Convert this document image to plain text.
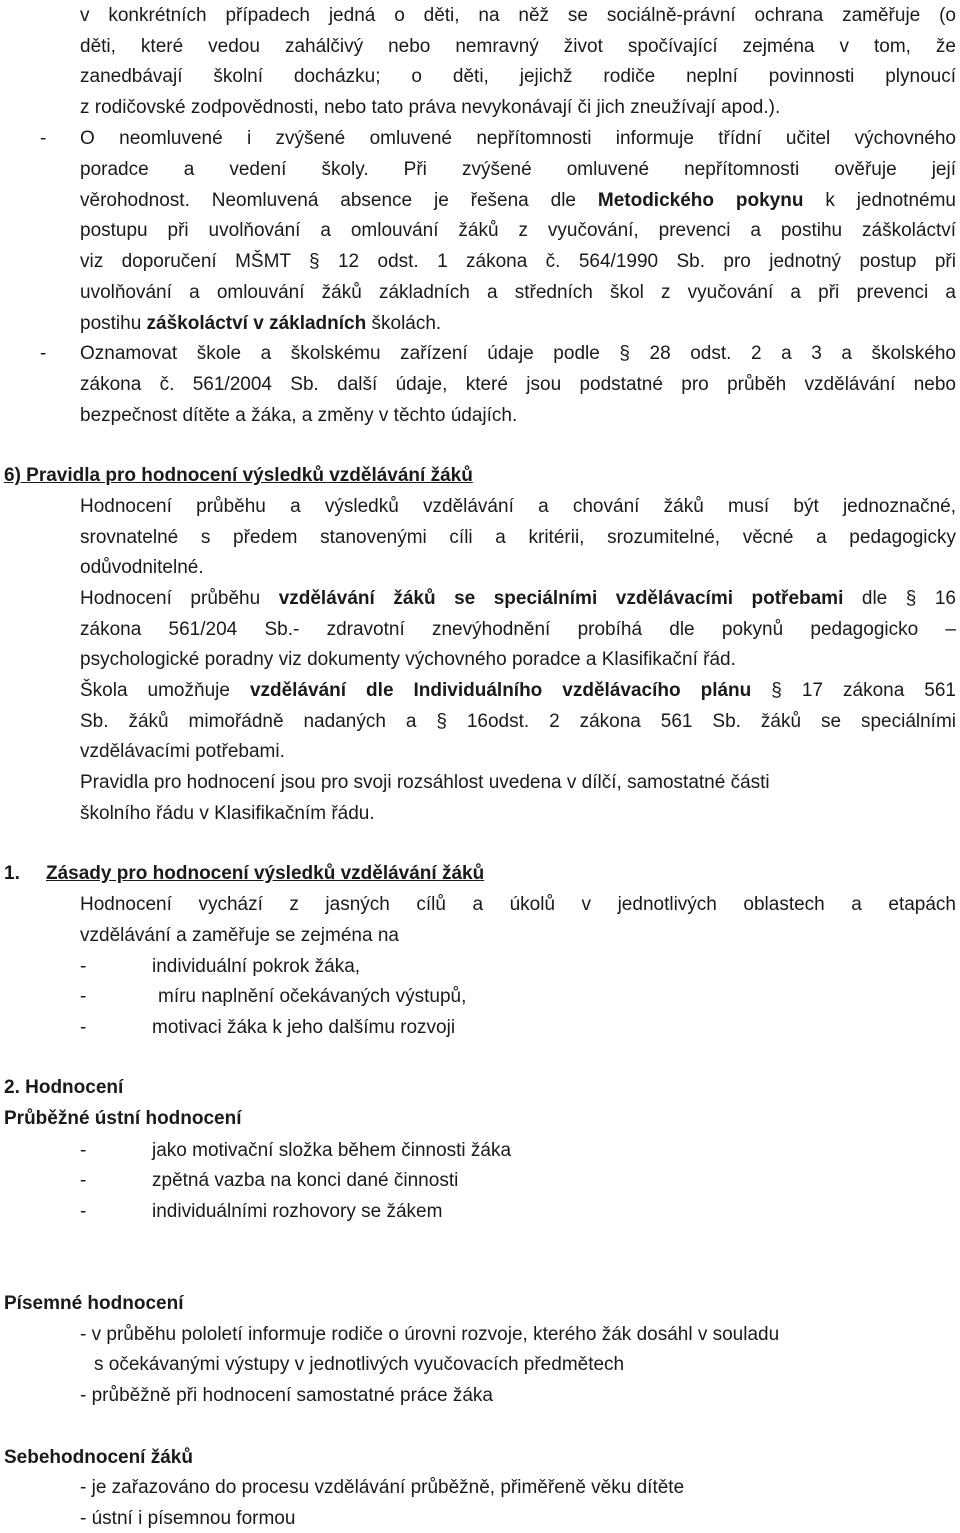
v konkrétních případech jedná o děti, na něž se sociálně-právní ochrana zaměřuje (o
děti, které vedou zahálčivý nebo nemravný život spočívající zejména v tom, že
zanedbávají školní docházku; o děti, jejichž rodiče neplní povinnosti plynoucí
z rodičovské zodpovědnosti, nebo tato práva nevykonávají či jich zneužívají apod.).
- O neomluvené i zvýšené omluvené nepřítomnosti informuje třídní učitel výchovného
poradce a vedení školy. Při zvýšené omluvené nepřítomnosti ověřuje její
věrohodnost. Neomluvená absence je řešena dle Metodického pokynu k jednotnému
postupu při uvolňování a omlouvání žáků z vyučování, prevenci a postihu záškoláctví
viz doporučení MŠMT § 12 odst. 1 zákona č. 564/1990 Sb. pro jednotný postup při
uvolňování a omlouvání žáků základních a středních škol z vyučování a při prevenci a
postihu záškoláctví v základních školách.
- Oznamovat škole a školskému zařízení údaje podle § 28 odst. 2 a 3 a školského
zákona č. 561/2004 Sb. další údaje, které jsou podstatné pro průběh vzdělávání nebo
bezpečnost dítěte a žáka, a změny v těchto údajích.
6) Pravidla pro hodnocení výsledků vzdělávání žáků
Hodnocení průběhu a výsledků vzdělávání a chování žáků musí být jednoznačné,
srovnatelné s předem stanovenými cíli a kritérii, srozumitelné, věcné a pedagogicky
odůvodnitelné.
Hodnocení průběhu vzdělávání žáků se speciálními vzdělávacími potřebami dle § 16
zákona 561/204 Sb.- zdravotní znevýhodnění probíhá dle pokynů pedagogicko –
psychologické poradny viz dokumenty výchovného poradce a Klasifikační řád.
Škola umožňuje vzdělávání dle Individuálního vzdělávacího plánu § 17 zákona 561
Sb. žáků mimořádně nadaných a § 16odst. 2 zákona 561 Sb. žáků se speciálními
vzdělávacími potřebami.
Pravidla pro hodnocení jsou pro svoji rozsáhlost uvedena v dílčí, samostatné části
školního řádu v Klasifikačním řádu.
1. Zásady pro hodnocení výsledků vzdělávání žáků
Hodnocení vychází z jasných cílů a úkolů v jednotlivých oblastech a etapách
vzdělávání a zaměřuje se zejména na
-	individuální pokrok žáka,
-	míru naplnění očekávaných výstupů,
-	motivaci žáka k jeho dalšímu rozvoji
2. Hodnocení
Průběžné ústní hodnocení
-	jako motivační složka během činnosti žáka
-	zpětná vazba na konci dané činnosti
-	individuálními rozhovory se žákem
Písemné hodnocení
- v průběhu pololetí informuje rodiče o úrovni rozvoje, kterého žák dosáhl v souladu
s očekávanými výstupy v jednotlivých vyučovacích předmětech
- průběžně při hodnocení samostatné práce žáka
Sebehodnocení žáků
- je zařazováno do procesu vzdělávání průběžně, přiměřeně věku dítěte
- ústní i písemnou formou
